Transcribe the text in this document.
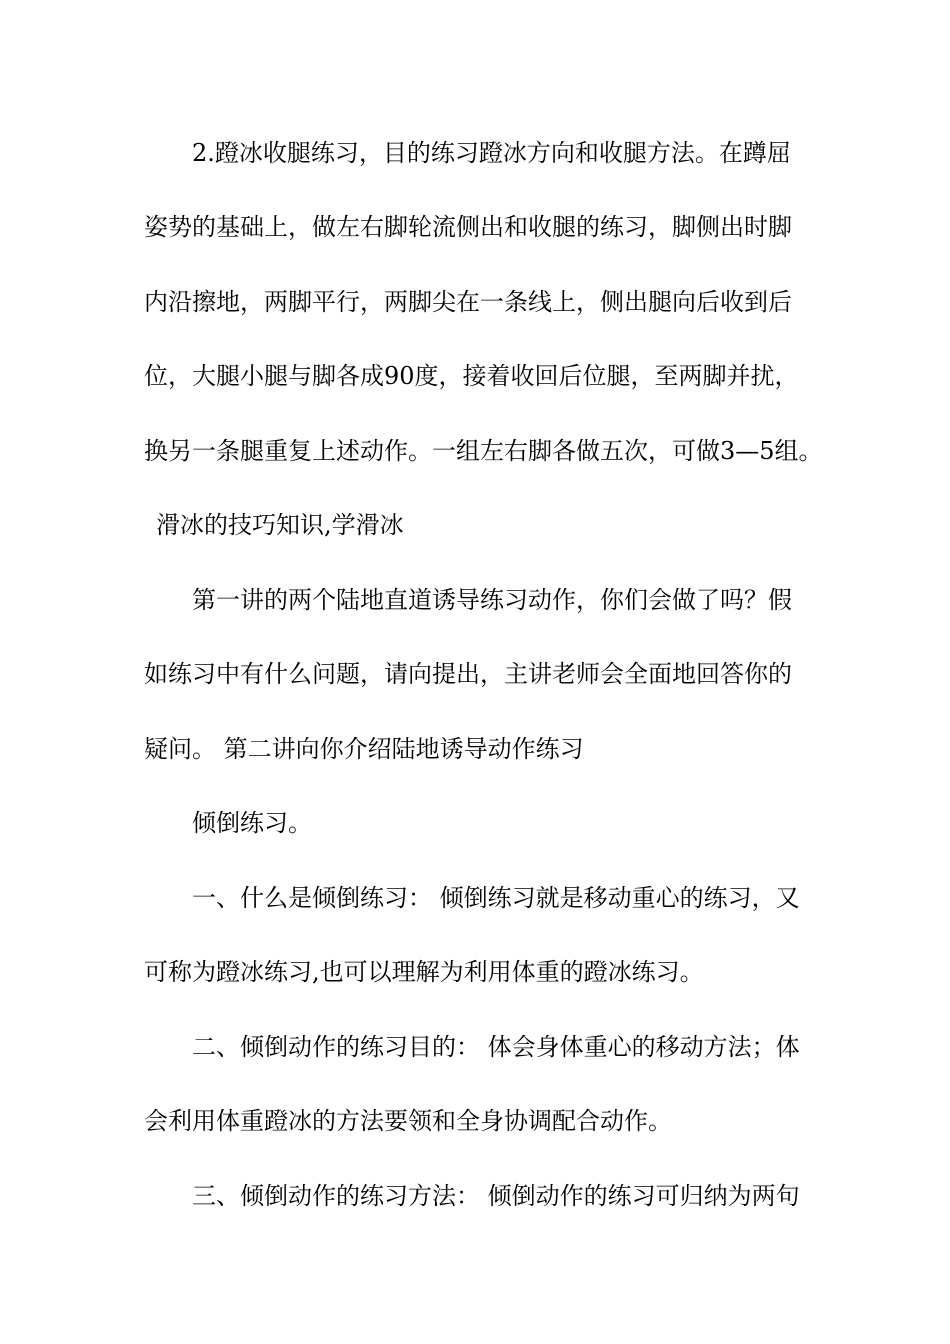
2.蹬冰收腿练习，目的练习蹬冰方向和收腿方法。在蹲屈
姿势的基础上，做左右脚轮流侧出和收腿的练习，脚侧出时脚
内沿擦地，两脚平行，两脚尖在一条线上，侧出腿向后收到后
位，大腿小腿与脚各成90度，接着收回后位腿，至两脚并扰，
换另一条腿重复上述动作。一组左右脚各做五次，可做3—5组。
滑冰的技巧知识,学滑冰
第一讲的两个陆地直道诱导练习动作，你们会做了吗？假
如练习中有什么问题，请向提出，主讲老师会全面地回答你的
疑问。 第二讲向你介绍陆地诱导动作练习
倾倒练习。
一、什么是倾倒练习： 倾倒练习就是移动重心的练习，又
可称为蹬冰练习,也可以理解为利用体重的蹬冰练习。
二、倾倒动作的练习目的： 体会身体重心的移动方法；体
会利用体重蹬冰的方法要领和全身协调配合动作。
三、倾倒动作的练习方法： 倾倒动作的练习可归纳为两句
